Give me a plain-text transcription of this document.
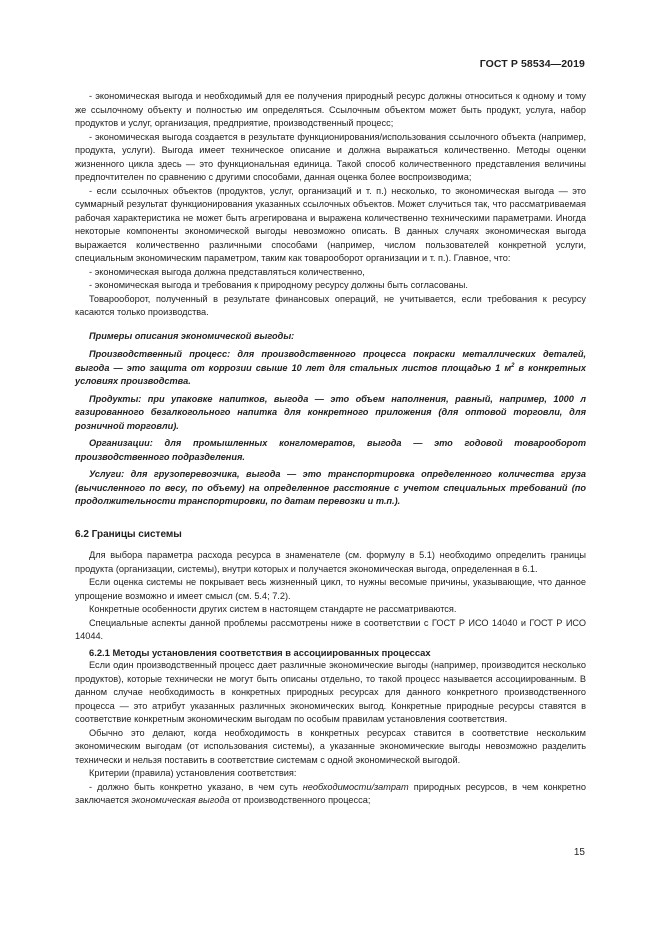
ГОСТ Р 58534—2019

- экономическая выгода и необходимый для ее получения природный ресурс должны относиться к одному и тому же ссылочному объекту и полностью им определяться. Ссылочным объектом может быть продукт, услуга, набор продуктов и услуг, организация, предприятие, производственный процесс;

- экономическая выгода создается в результате функционирования/использования ссылочного объекта (например, продукта, услуги). Выгода имеет техническое описание и должна выражаться количественно. Методы оценки жизненного цикла здесь — это функциональная единица. Такой способ количественного представления величины предпочтителен по сравнению с другими способами, данная оценка более воспроизводима;

- если ссылочных объектов (продуктов, услуг, организаций и т. п.) несколько, то экономическая выгода — это суммарный результат функционирования указанных ссылочных объектов. Может случиться так, что рассматриваемая рабочая характеристика не может быть агрегирована и выражена количественно техническими параметрами. Иногда некоторые компоненты экономической выгоды невозможно описать. В данных случаях экономическая выгода выражается количественно различными способами (например, числом пользователей конкретной услуги, специальным экономическим параметром, таким как товарооборот организации и т. п.). Главное, что:

- экономическая выгода должна представляться количественно,

- экономическая выгода и требования к природному ресурсу должны быть согласованы.

Товарооборот, полученный в результате финансовых операций, не учитывается, если требования к ресурсу касаются только производства.

Примеры описания экономической выгоды:

Производственный процесс: для производственного процесса покраски металлических деталей, выгода — это защита от коррозии свыше 10 лет для стальных листов площадью 1 $м^2$ в конкретных условиях производства.

Продукты: при упаковке напитков, выгода — это объем наполнения, равный, например, 1000 л газированного безалкогольного напитка для конкретного приложения (для оптовой торговли, для розничной торговли).

Организации: для промышленных конгломератов, выгода — это годовой товарооборот производственного подразделения.

Услуги: для грузоперевозчика, выгода — это транспортировка определенного количества груза (вычисленного по весу, по объему) на определенное расстояние с учетом специальных требований (по продолжительности транспортировки, по датам перевозки и т.п.).

6.2 Границы системы

Для выбора параметра расхода ресурса в знаменателе (см. формулу в 5.1) необходимо определить границы продукта (организации, системы), внутри которых и получается экономическая выгода, определенная в 6.1.

Если оценка системы не покрывает весь жизненный цикл, то нужны весомые причины, указывающие, что данное упрощение возможно и имеет смысл (см. 5.4; 7.2).

Конкретные особенности других систем в настоящем стандарте не рассматриваются.

Специальные аспекты данной проблемы рассмотрены ниже в соответствии с ГОСТ Р ИСО 14040 и ГОСТ Р ИСО 14044.

6.2.1 Методы установления соответствия в ассоциированных процессах

Если один производственный процесс дает различные экономические выгоды (например, производится несколько продуктов), которые технически не могут быть описаны отдельно, то такой процесс называется ассоциированным. В данном случае необходимость в конкретных природных ресурсах для данного конкретного производственного процесса — это атрибут указанных различных экономических выгод. Конкретные природные ресурсы ставятся в соответствие конкретным экономическим выгодам по особым правилам установления соответствия.

Обычно это делают, когда необходимость в конкретных ресурсах ставится в соответствие нескольким экономическим выгодам (от использования системы), а указанные экономические выгоды невозможно разделить технически и нельзя поставить в соответствие системам с одной экономической выгодой.

Критерии (правила) установления соответствия:

- должно быть конкретно указано, в чем суть необходимости/затрат природных ресурсов, в чем конкретно заключается экономическая выгода от производственного процесса;

15
